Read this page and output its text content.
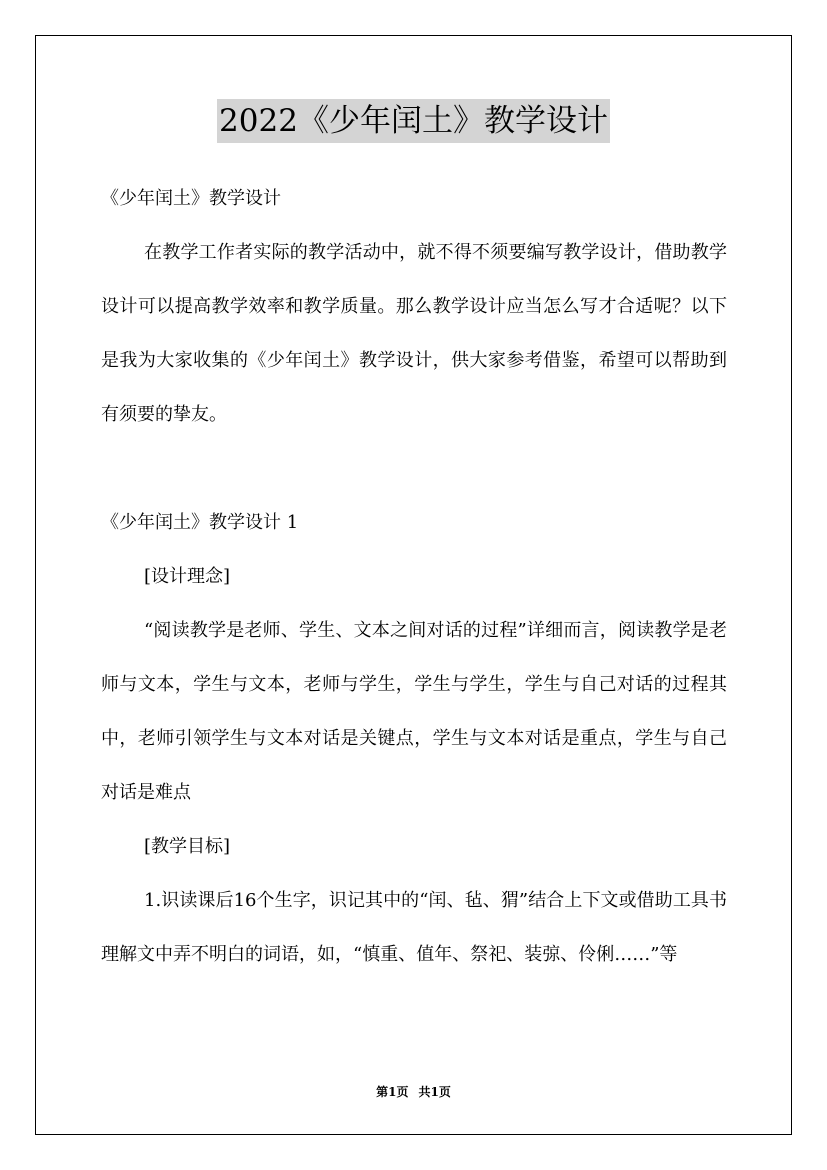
2022《少年闰土》教学设计

《少年闰土》教学设计

在教学工作者实际的教学活动中，就不得不须要编写教学设计，借助教学设计可以提高教学效率和教学质量。那么教学设计应当怎么写才合适呢？以下是我为大家收集的《少年闰土》教学设计，供大家参考借鉴，希望可以帮助到有须要的挚友。

《少年闰土》教学设计 1

[设计理念]

“阅读教学是老师、学生、文本之间对话的过程”详细而言，阅读教学是老师与文本，学生与文本，老师与学生，学生与学生，学生与自己对话的过程其中，老师引领学生与文本对话是关键点，学生与文本对话是重点，学生与自己对话是难点

[教学目标]

1.识读课后16个生字，识记其中的“闰、毡、猬”结合上下文或借助工具书理解文中弄不明白的词语，如，“慎重、值年、祭祀、装弶、伶俐……”等

第1页 共1页
